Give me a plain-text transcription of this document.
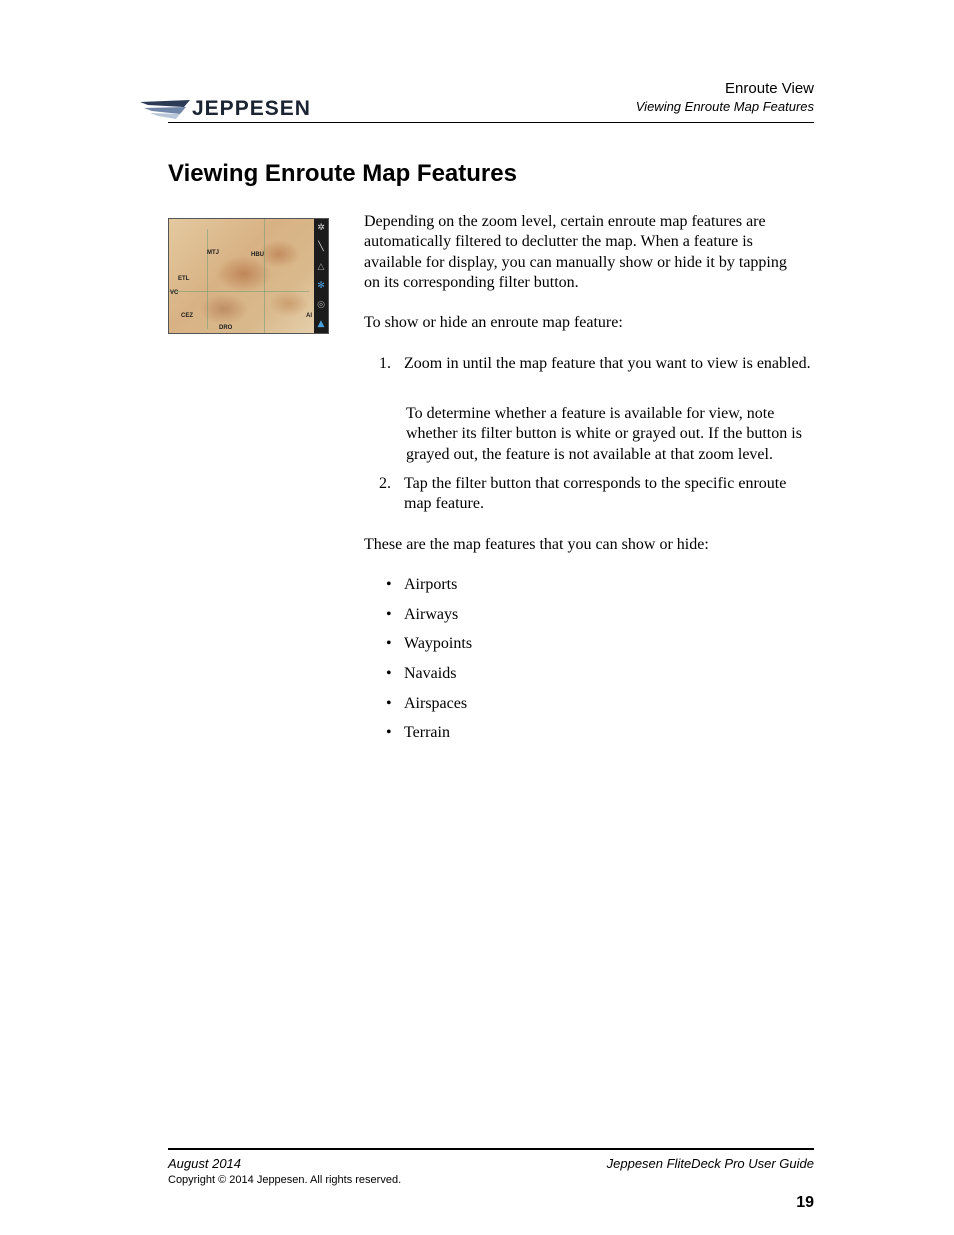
JEPPESEN
Enroute View
Viewing Enroute Map Features
Viewing Enroute Map Features
MTJ	HBU
ETL
VC
CEZ
DRO
AI
✲
╲
△
✻
◎
▲

Depending on the zoom level, certain enroute map features are automatically filtered to declutter the map. When a feature is available for display, you can manually show or hide it by tapping on its corresponding filter button.

To show or hide an enroute map feature:

1. Zoom in until the map feature that you want to view is enabled.

To determine whether a feature is available for view, note whether its filter button is white or grayed out. If the button is grayed out, the feature is not available at that zoom level.

2. Tap the filter button that corresponds to the specific enroute map feature.

These are the map features that you can show or hide:

• Airports
• Airways
• Waypoints
• Navaids
• Airspaces
• Terrain
August 2014	Jeppesen FliteDeck Pro User Guide
Copyright © 2014 Jeppesen. All rights reserved.
19
